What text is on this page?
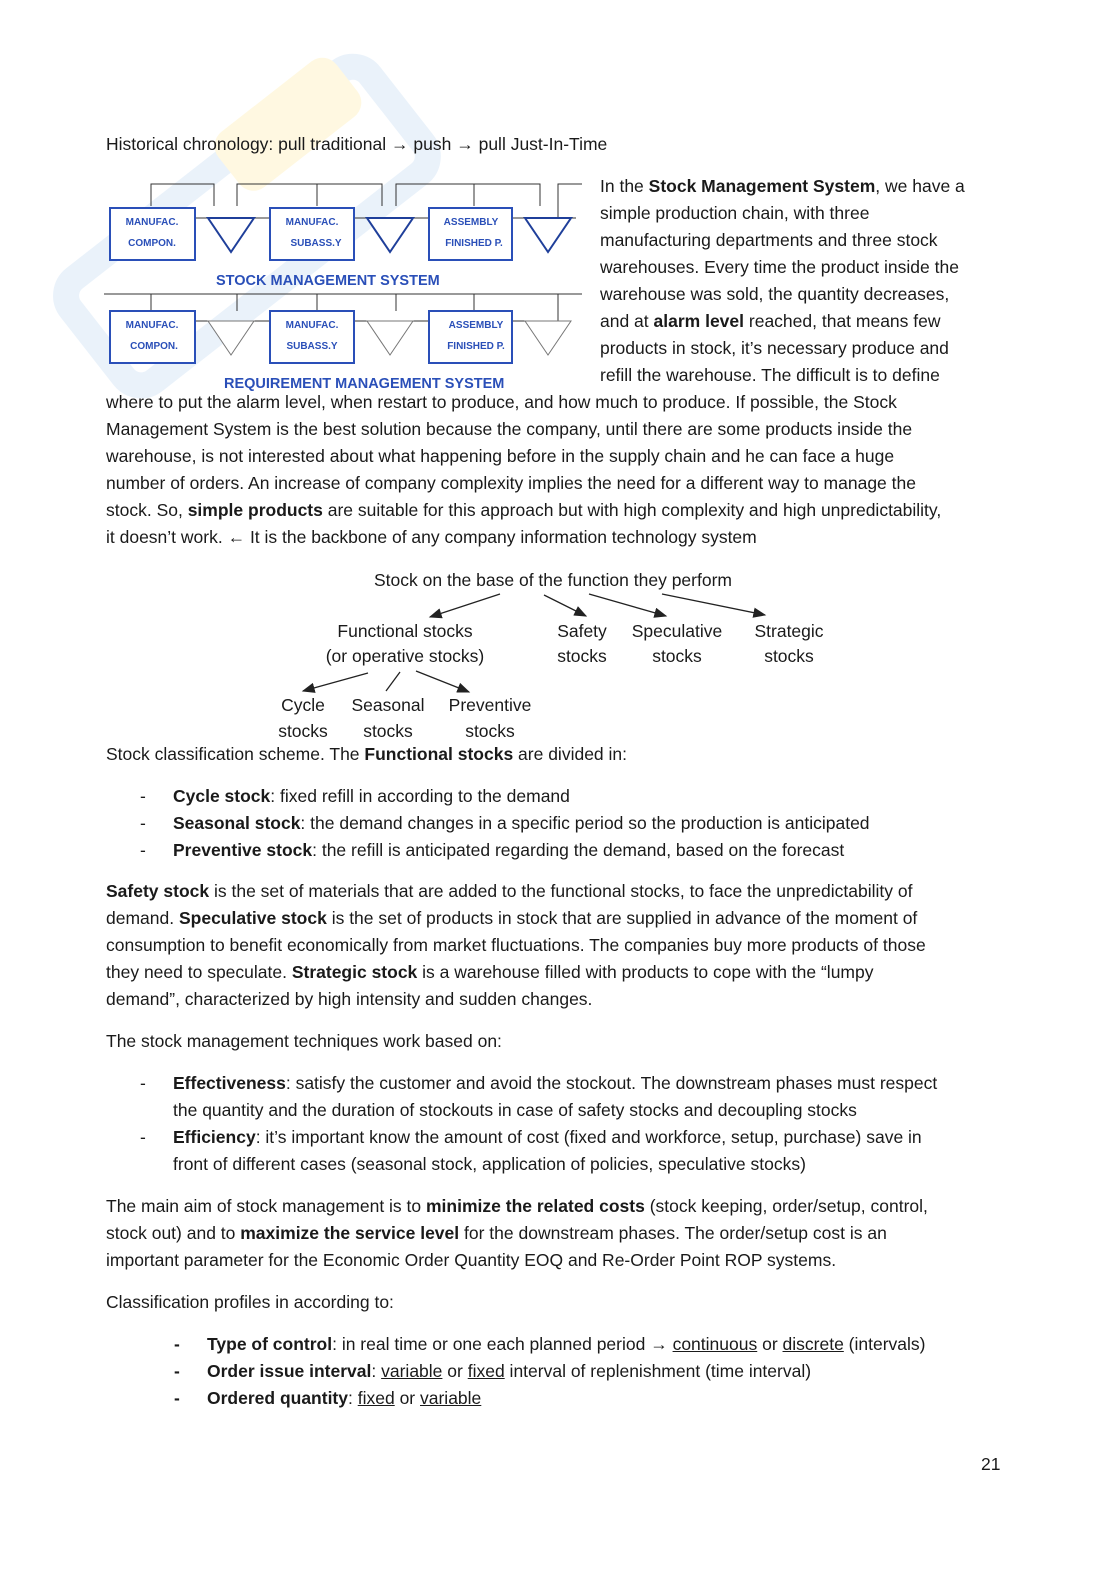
Historical chronology: pull traditional → push → pull Just-In-Time
MANUFAC.
COMPON.
MANUFAC.
SUBASS.Y
ASSEMBLY
FINISHED P.
MANUFAC.
COMPON.
MANUFAC.
SUBASS.Y
ASSEMBLY
FINISHED P.
STOCK MANAGEMENT SYSTEM
REQUIREMENT MANAGEMENT SYSTEM
In the Stock Management System, we have a
simple production chain, with three
manufacturing departments and three stock
warehouses. Every time the product inside the
warehouse was sold, the quantity decreases,
and at alarm level reached, that means few
products in stock, it’s necessary produce and
refill the warehouse. The difficult is to define
where to put the alarm level, when restart to produce, and how much to produce. If possible, the Stock
Management System is the best solution because the company, until there are some products inside the
warehouse, is not interested about what happening before in the supply chain and he can face a huge
number of orders. An increase of company complexity implies the need for a different way to manage the
stock. So, simple products are suitable for this approach but with high complexity and high unpredictability,
it doesn’t work. ← It is the backbone of any company information technology system
Stock on the base of the function they perform
Functional stocks
(or operative stocks)
Safety
stocks
Speculative
stocks
Strategic
stocks
Cycle
stocks
Seasonal
stocks
Preventive
stocks
Stock classification scheme. The Functional stocks are divided in:
- Cycle stock: fixed refill in according to the demand
- Seasonal stock: the demand changes in a specific period so the production is anticipated
- Preventive stock: the refill is anticipated regarding the demand, based on the forecast
Safety stock is the set of materials that are added to the functional stocks, to face the unpredictability of
demand. Speculative stock is the set of products in stock that are supplied in advance of the moment of
consumption to benefit economically from market fluctuations. The companies buy more products of those
they need to speculate. Strategic stock is a warehouse filled with products to cope with the “lumpy
demand”, characterized by high intensity and sudden changes.
The stock management techniques work based on:
- Effectiveness: satisfy the customer and avoid the stockout. The downstream phases must respect
the quantity and the duration of stockouts in case of safety stocks and decoupling stocks
- Efficiency: it’s important know the amount of cost (fixed and workforce, setup, purchase) save in
front of different cases (seasonal stock, application of policies, speculative stocks)
The main aim of stock management is to minimize the related costs (stock keeping, order/setup, control,
stock out) and to maximize the service level for the downstream phases. The order/setup cost is an
important parameter for the Economic Order Quantity EOQ and Re-Order Point ROP systems.
Classification profiles in according to:
- Type of control: in real time or one each planned period → continuous or discrete (intervals)
- Order issue interval: variable or fixed interval of replenishment (time interval)
- Ordered quantity: fixed or variable
21
